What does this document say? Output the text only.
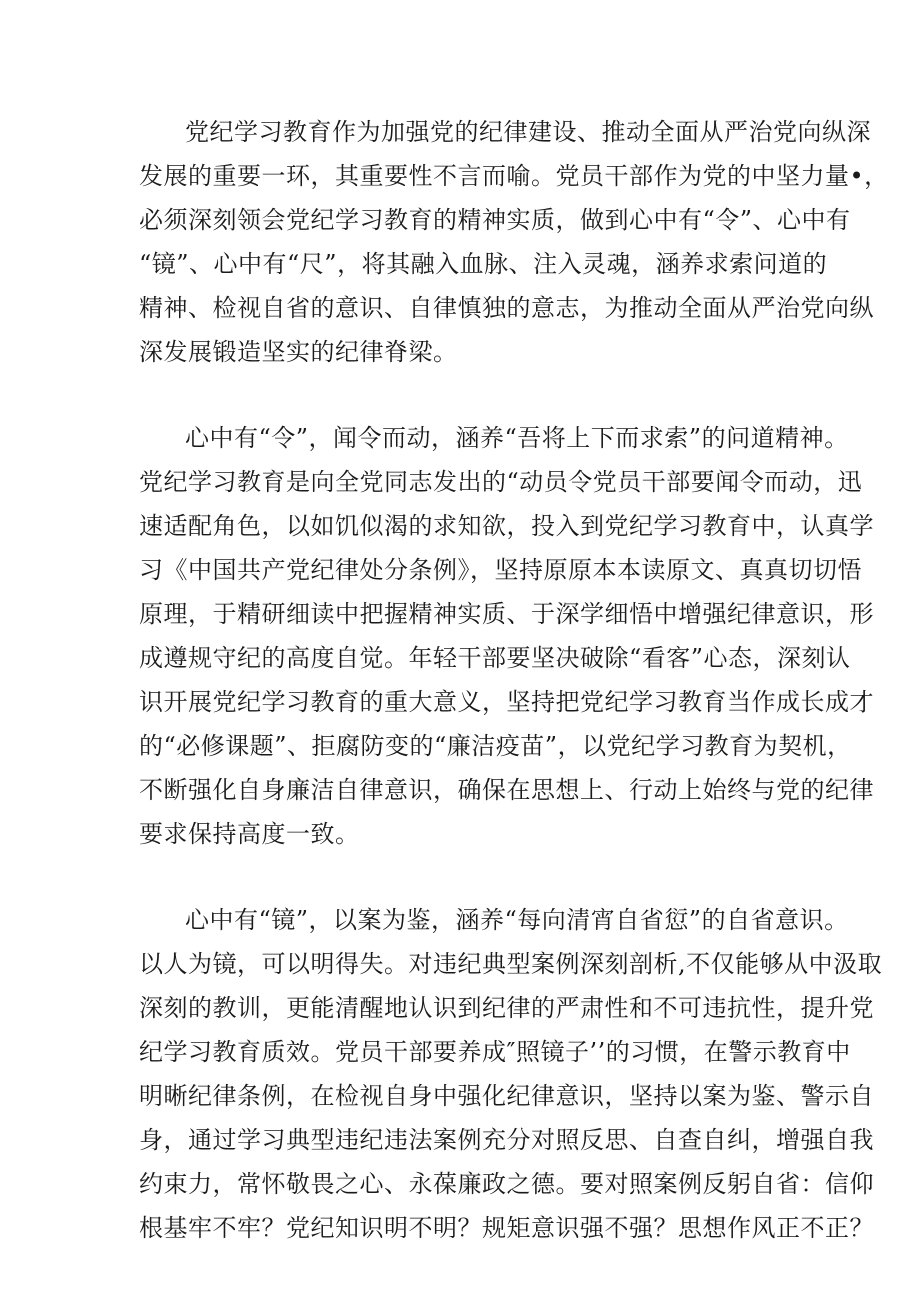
党纪学习教育作为加强党的纪律建设、推动全面从严治党向纵深
发展的重要一环，其重要性不言而喻。党员干部作为党的中坚力量•，
必须深刻领会党纪学习教育的精神实质，做到心中有“令”、心中有
“镜”、心中有“尺”，将其融入血脉、注入灵魂，涵养求索问道的
精神、检视自省的意识、自律慎独的意志，为推动全面从严治党向纵
深发展锻造坚实的纪律脊梁。
心中有“令”，闻令而动，涵养“吾将上下而求索”的问道精神。
党纪学习教育是向全党同志发出的“动员令党员干部要闻令而动，迅
速适配角色，以如饥似渴的求知欲，投入到党纪学习教育中，认真学
习《中国共产党纪律处分条例》，坚持原原本本读原文、真真切切悟
原理，于精研细读中把握精神实质、于深学细悟中增强纪律意识，形
成遵规守纪的高度自觉。年轻干部要坚决破除“看客”心态，深刻认
识开展党纪学习教育的重大意义，坚持把党纪学习教育当作成长成才
的“必修课题”、拒腐防变的“廉洁疫苗”，以党纪学习教育为契机，
不断强化自身廉洁自律意识，确保在思想上、行动上始终与党的纪律
要求保持高度一致。
心中有“镜”，以案为鉴，涵养“每向清宵自省愆”的自省意识。
以人为镜，可以明得失。对违纪典型案例深刻剖析,不仅能够从中汲取
深刻的教训，更能清醒地认识到纪律的严肃性和不可违抗性，提升党
纪学习教育质效。党员干部要养成″照镜子’’的习惯，在警示教育中
明晰纪律条例，在检视自身中强化纪律意识，坚持以案为鉴、警示自
身，通过学习典型违纪违法案例充分对照反思、自查自纠，增强自我
约束力，常怀敬畏之心、永葆廉政之德。要对照案例反躬自省：信仰
根基牢不牢？党纪知识明不明？规矩意识强不强？思想作风正不正？
